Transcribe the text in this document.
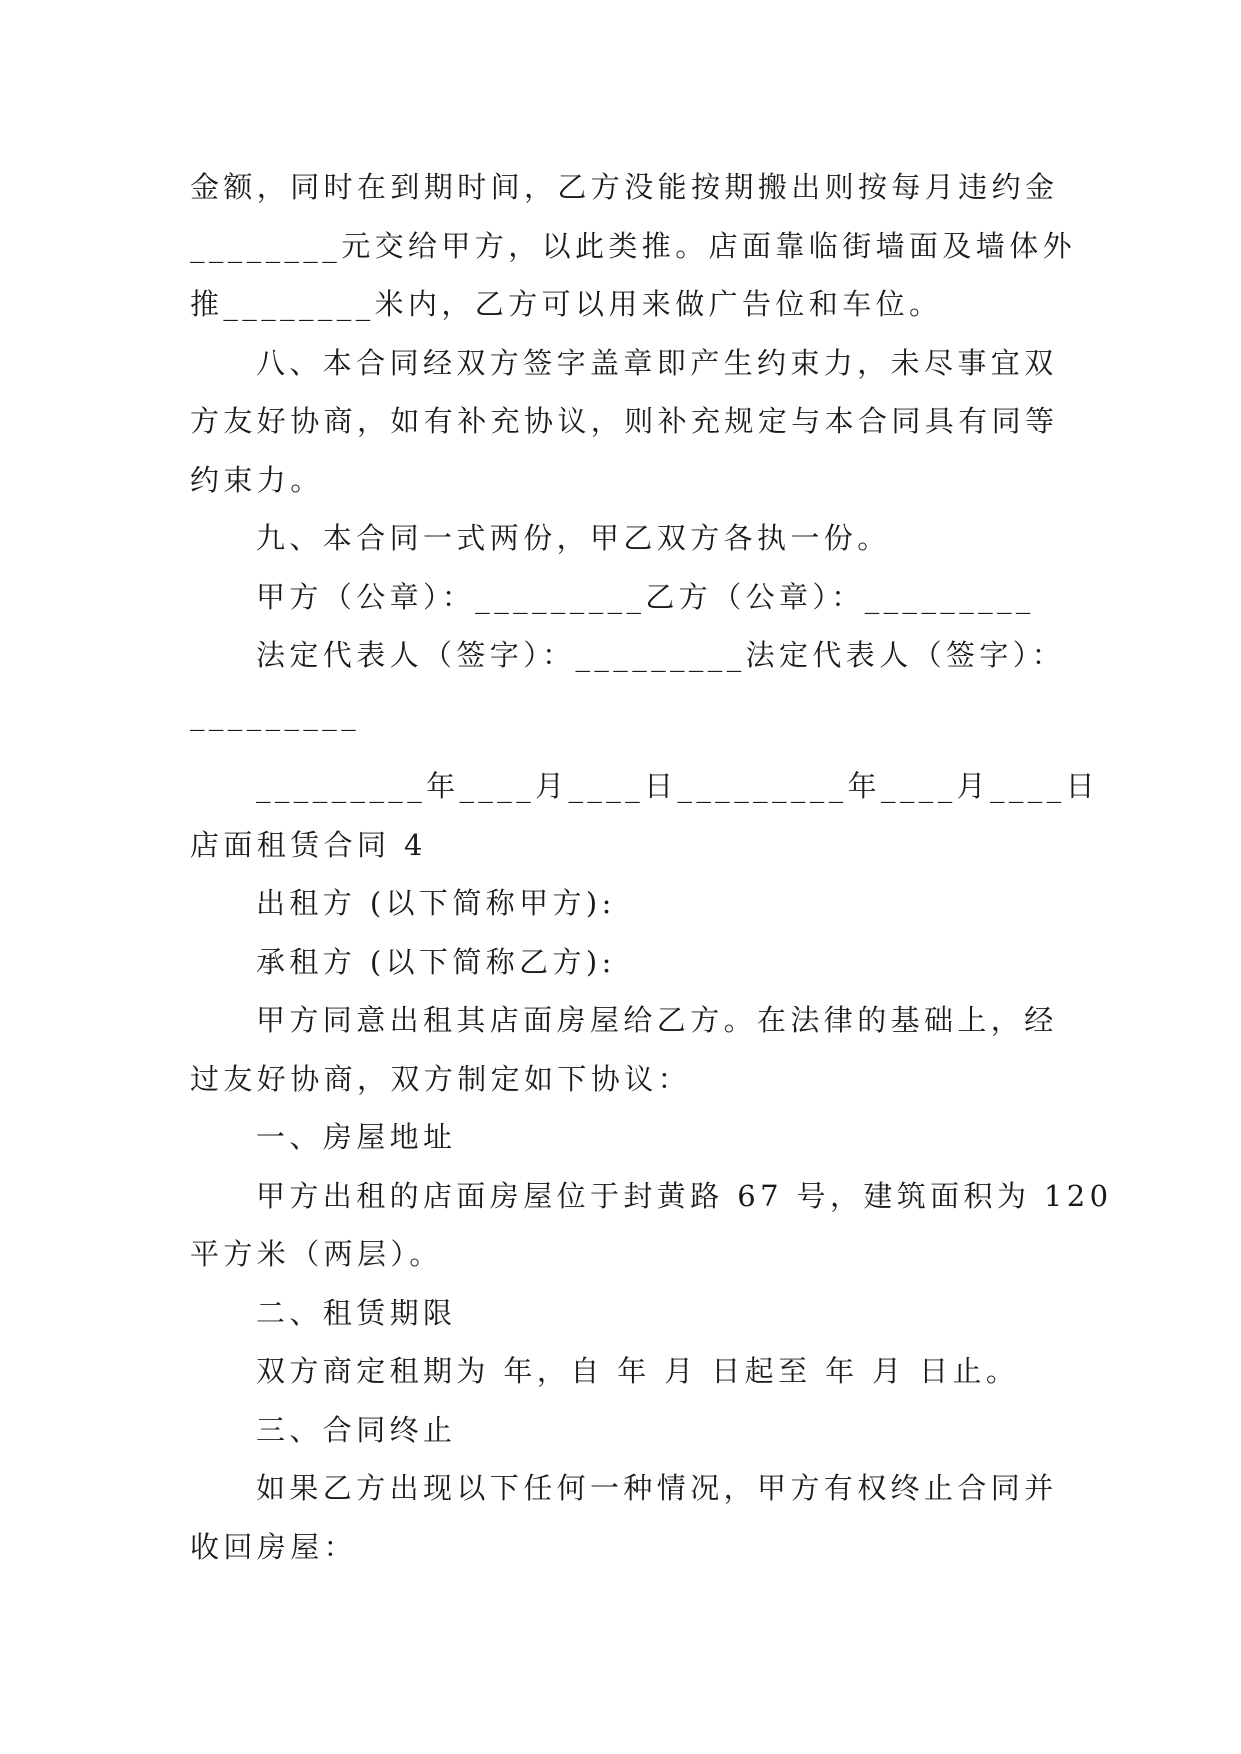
金额，同时在到期时间，乙方没能按期搬出则按每月违约金

________元交给甲方，以此类推。店面靠临街墙面及墙体外

推________米内，乙方可以用来做广告位和车位。

八、本合同经双方签字盖章即产生约束力，未尽事宜双

方友好协商，如有补充协议，则补充规定与本合同具有同等

约束力。

九、本合同一式两份，甲乙双方各执一份。

甲方（公章）：_________乙方（公章）：_________

法定代表人（签字）：_________法定代表人（签字）：

_________

_________年____月____日_________年____月____日

店面租赁合同 4

出租方 (以下简称甲方):

承租方 (以下简称乙方):

甲方同意出租其店面房屋给乙方。在法律的基础上，经

过友好协商，双方制定如下协议：

一、房屋地址

甲方出租的店面房屋位于封黄路 67 号，建筑面积为 120

平方米（两层）。

二、租赁期限

双方商定租期为 年，自 年 月 日起至 年 月 日止。

三、合同终止

如果乙方出现以下任何一种情况，甲方有权终止合同并

收回房屋：
